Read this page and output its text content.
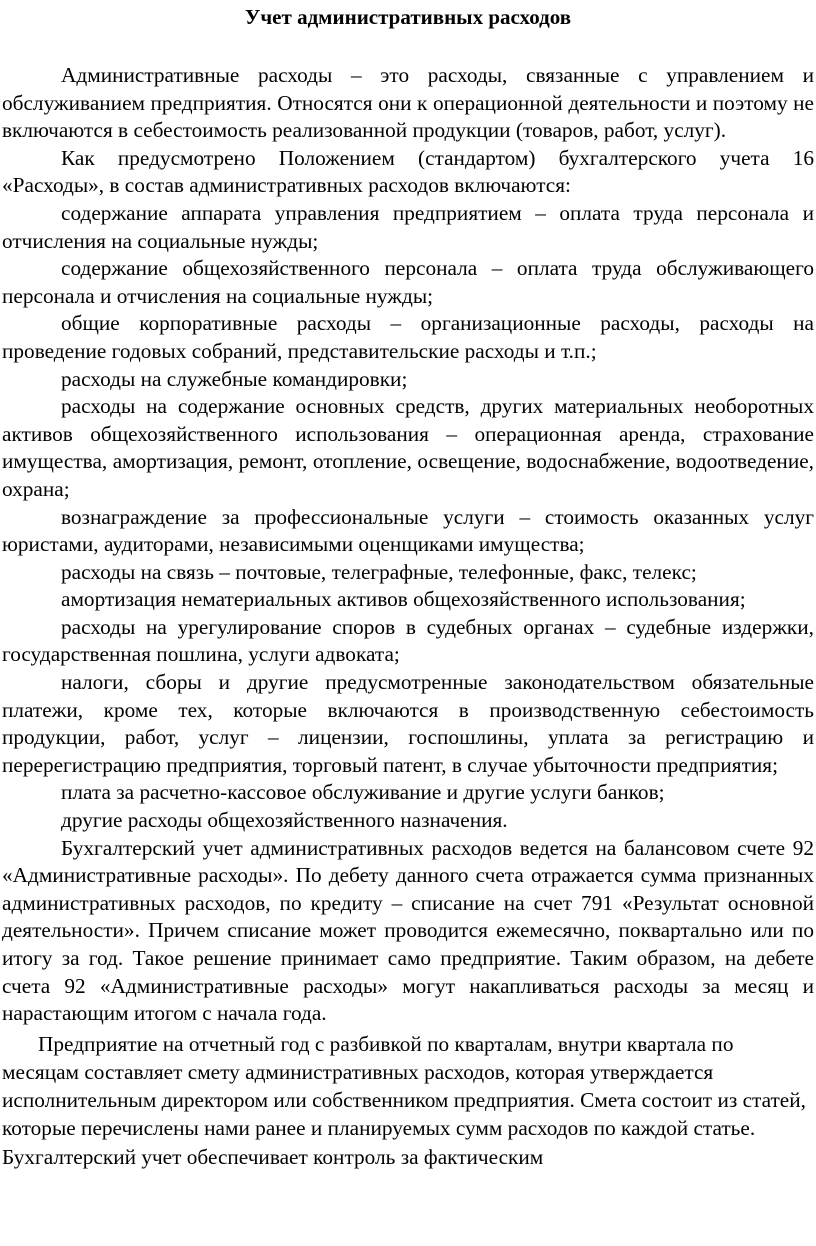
Учет административных расходов

Административные расходы – это расходы, связанные с управлением и обслуживанием предприятия. Относятся они к операционной деятельности и поэтому не включаются в себестоимость реализованной продукции (товаров, работ, услуг).

Как предусмотрено Положением (стандартом) бухгалтерского учета 16 «Расходы», в состав административных расходов включаются:

содержание аппарата управления предприятием – оплата труда персонала и отчисления на социальные нужды;

содержание общехозяйственного персонала – оплата труда обслуживающего персонала и отчисления на социальные нужды;

общие корпоративные расходы – организационные расходы, расходы на проведение годовых собраний, представительские расходы и т.п.;

расходы на служебные командировки;

расходы на содержание основных средств, других материальных необоротных активов общехозяйственного использования – операционная аренда, страхование имущества, амортизация, ремонт, отопление, освещение, водоснабжение, водоотведение, охрана;

вознаграждение за профессиональные услуги – стоимость оказанных услуг юристами, аудиторами, независимыми оценщиками имущества;

расходы на связь – почтовые, телеграфные, телефонные, факс, телекс;

амортизация нематериальных активов общехозяйственного использования;

расходы на урегулирование споров в судебных органах – судебные издержки, государственная пошлина, услуги адвоката;

налоги, сборы и другие предусмотренные законодательством обязательные платежи, кроме тех, которые включаются в производственную себестоимость продукции, работ, услуг – лицензии, госпошлины, уплата за регистрацию и перерегистрацию предприятия, торговый патент, в случае убыточности предприятия;

плата за расчетно-кассовое обслуживание и другие услуги банков;

другие расходы общехозяйственного назначения.

Бухгалтерский учет административных расходов ведется на балансовом счете 92 «Административные расходы». По дебету данного счета отражается сумма признанных административных расходов, по кредиту – списание на счет 791 «Результат основной деятельности». Причем списание может проводится ежемесячно, поквартально или по итогу за год. Такое решение принимает само предприятие. Таким образом, на дебете счета 92 «Административные расходы» могут накапливаться расходы за месяц и нарастающим итогом с начала года.

Предприятие на отчетный год с разбивкой по кварталам, внутри квартала по месяцам составляет смету административных расходов, которая утверждается исполнительным директором или собственником предприятия. Смета состоит из статей, которые перечислены нами ранее и планируемых сумм расходов по каждой статье. Бухгалтерский учет обеспечивает контроль за фактическим
